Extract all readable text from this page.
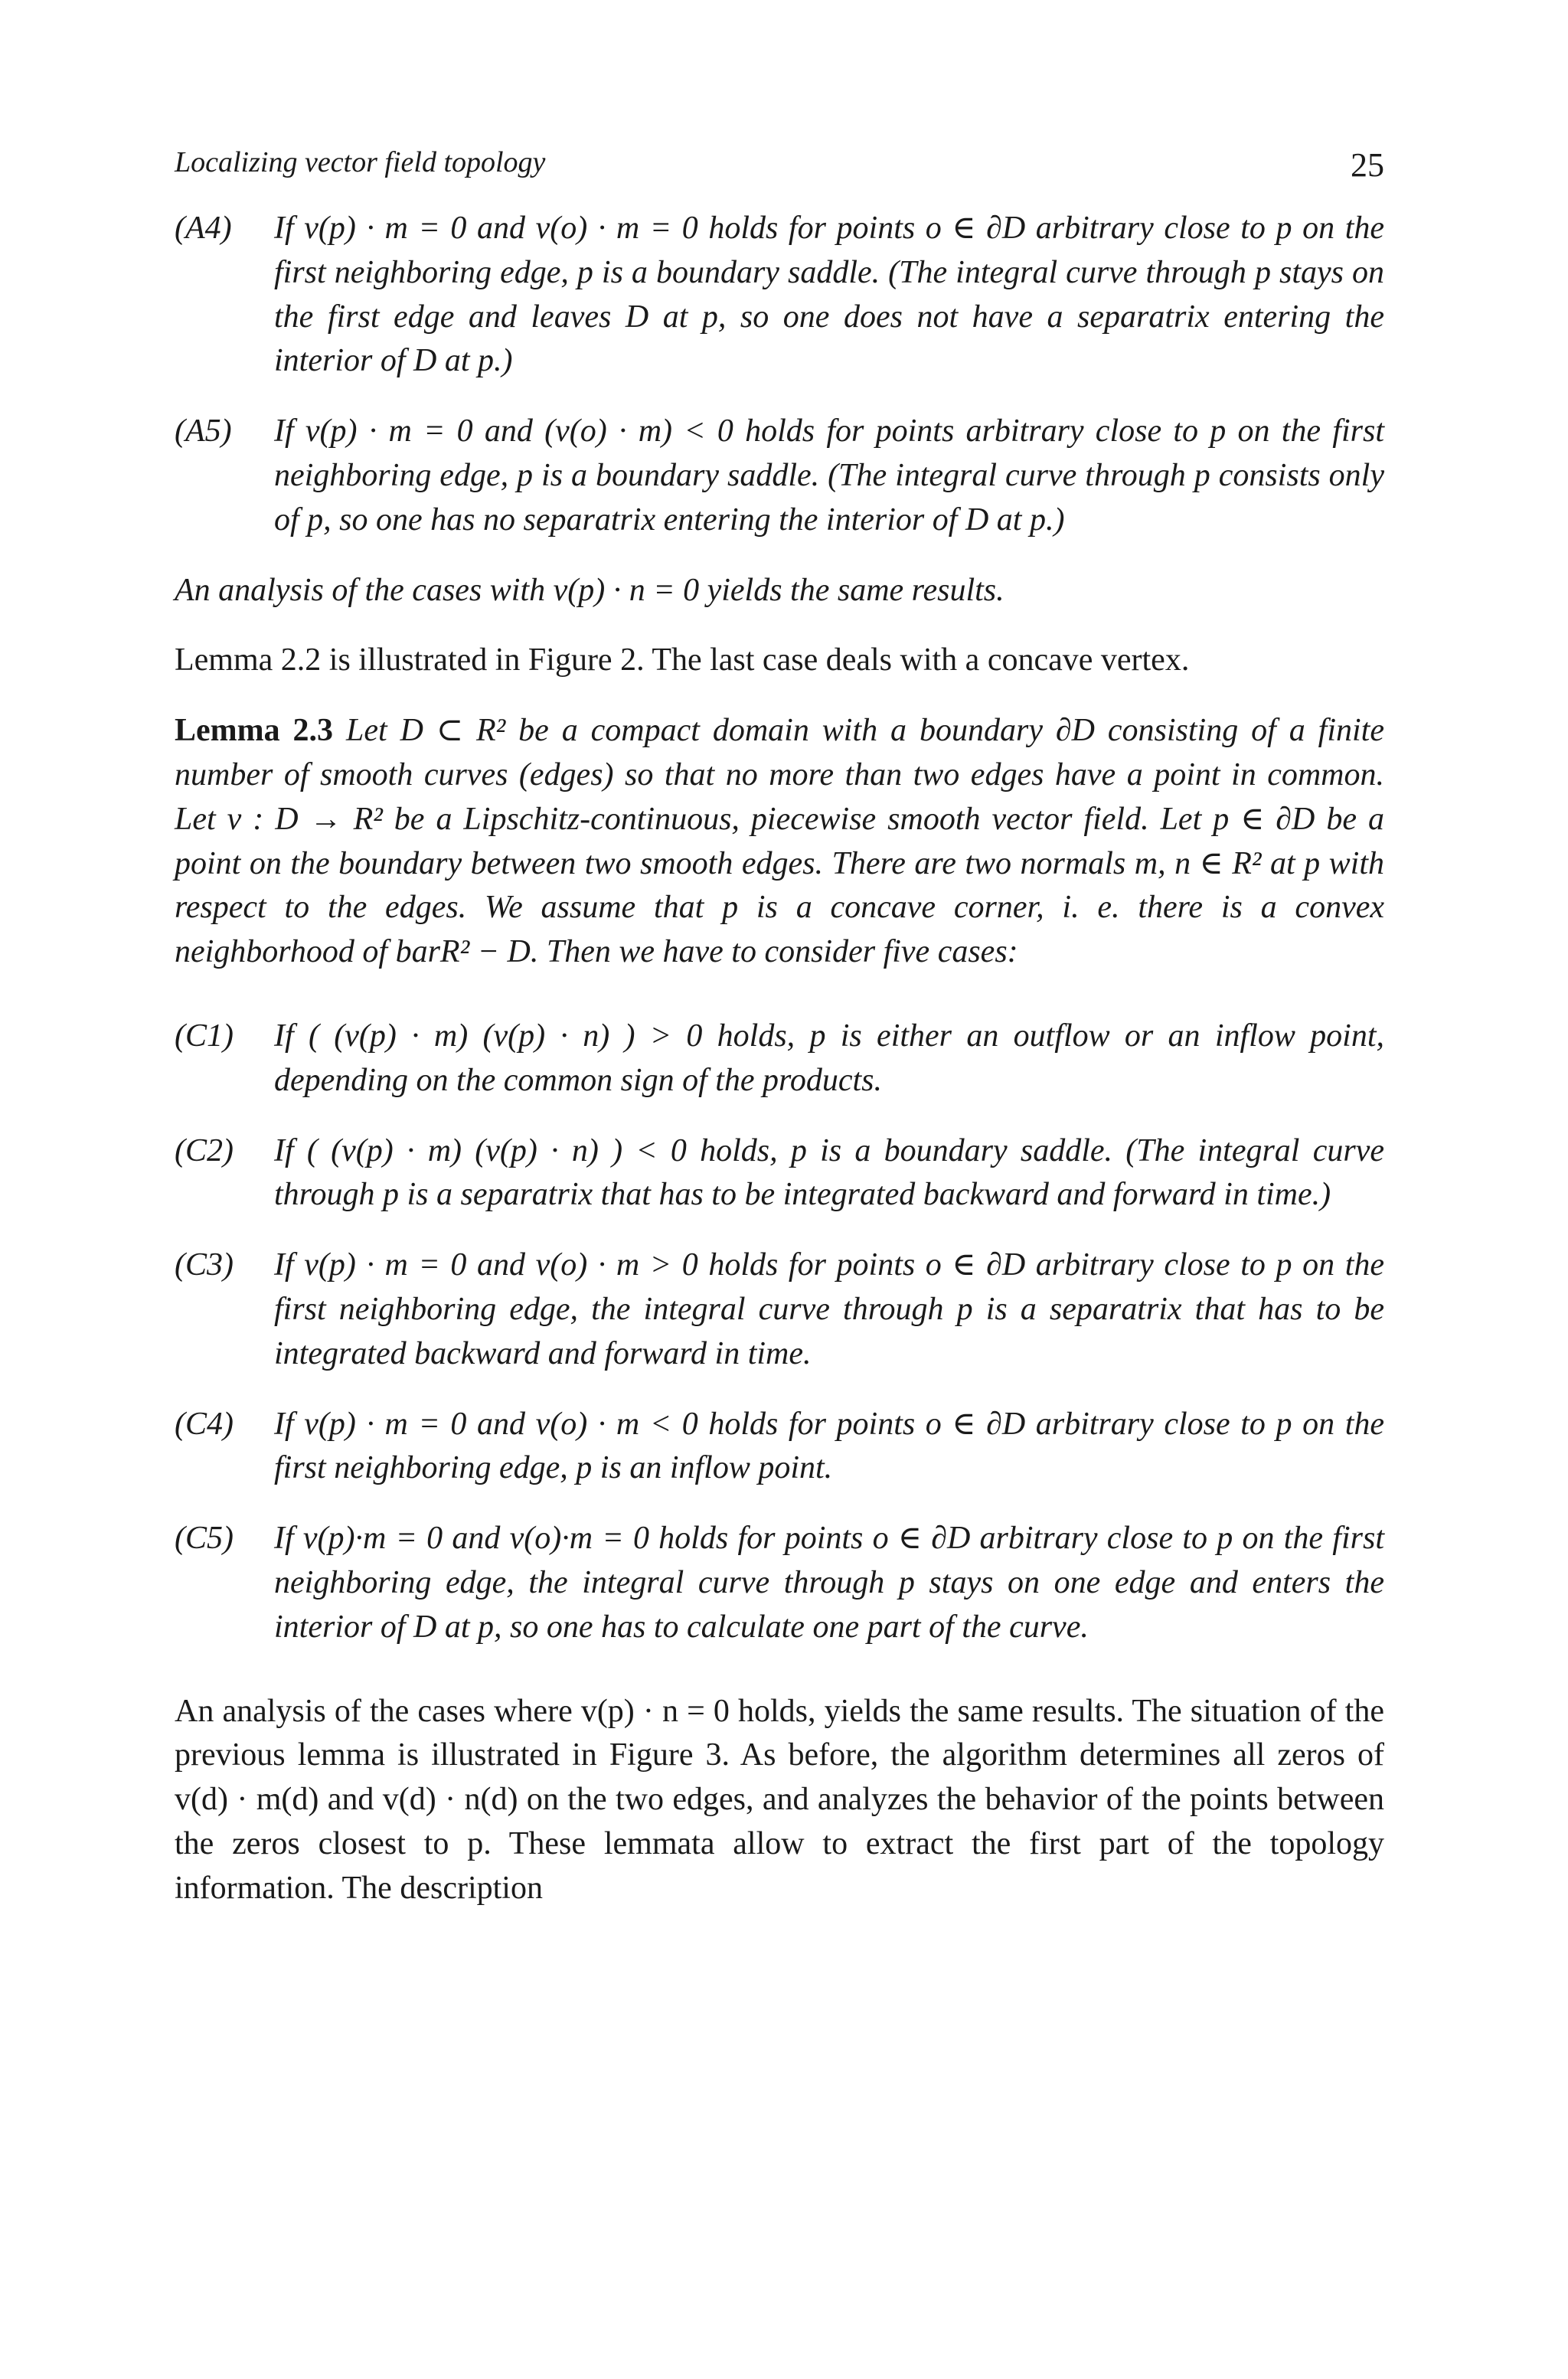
Localizing vector field topology	25
(A4)	If v(p) · m = 0 and v(o) · m = 0 holds for points o ∈ ∂D arbitrary close to p on the first neighboring edge, p is a boundary saddle. (The integral curve through p stays on the first edge and leaves D at p, so one does not have a separatrix entering the interior of D at p.)
(A5)	If v(p) · m = 0 and (v(o) · m) < 0 holds for points arbitrary close to p on the first neighboring edge, p is a boundary saddle. (The integral curve through p consists only of p, so one has no separatrix entering the interior of D at p.)
An analysis of the cases with v(p) · n = 0 yields the same results.
Lemma 2.2 is illustrated in Figure 2. The last case deals with a concave vertex.
Lemma 2.3 Let D ⊂ R² be a compact domain with a boundary ∂D consisting of a finite number of smooth curves (edges) so that no more than two edges have a point in common. Let v : D → R² be a Lipschitz-continuous, piecewise smooth vector field. Let p ∈ ∂D be a point on the boundary between two smooth edges. There are two normals m, n ∈ R² at p with respect to the edges. We assume that p is a concave corner, i. e. there is a convex neighborhood of barR² − D. Then we have to consider five cases:
(C1)	If ( (v(p) · m) (v(p) · n) ) > 0 holds, p is either an outflow or an inflow point, depending on the common sign of the products.
(C2)	If ( (v(p) · m) (v(p) · n) ) < 0 holds, p is a boundary saddle. (The integral curve through p is a separatrix that has to be integrated backward and forward in time.)
(C3)	If v(p) · m = 0 and v(o) · m > 0 holds for points o ∈ ∂D arbitrary close to p on the first neighboring edge, the integral curve through p is a separatrix that has to be integrated backward and forward in time.
(C4)	If v(p) · m = 0 and v(o) · m < 0 holds for points o ∈ ∂D arbitrary close to p on the first neighboring edge, p is an inflow point.
(C5)	If v(p)·m = 0 and v(o)·m = 0 holds for points o ∈ ∂D arbitrary close to p on the first neighboring edge, the integral curve through p stays on one edge and enters the interior of D at p, so one has to calculate one part of the curve.
An analysis of the cases where v(p) · n = 0 holds, yields the same results. The situation of the previous lemma is illustrated in Figure 3. As before, the algorithm determines all zeros of v(d) · m(d) and v(d) · n(d) on the two edges, and analyzes the behavior of the points between the zeros closest to p. These lemmata allow to extract the first part of the topology information. The description
